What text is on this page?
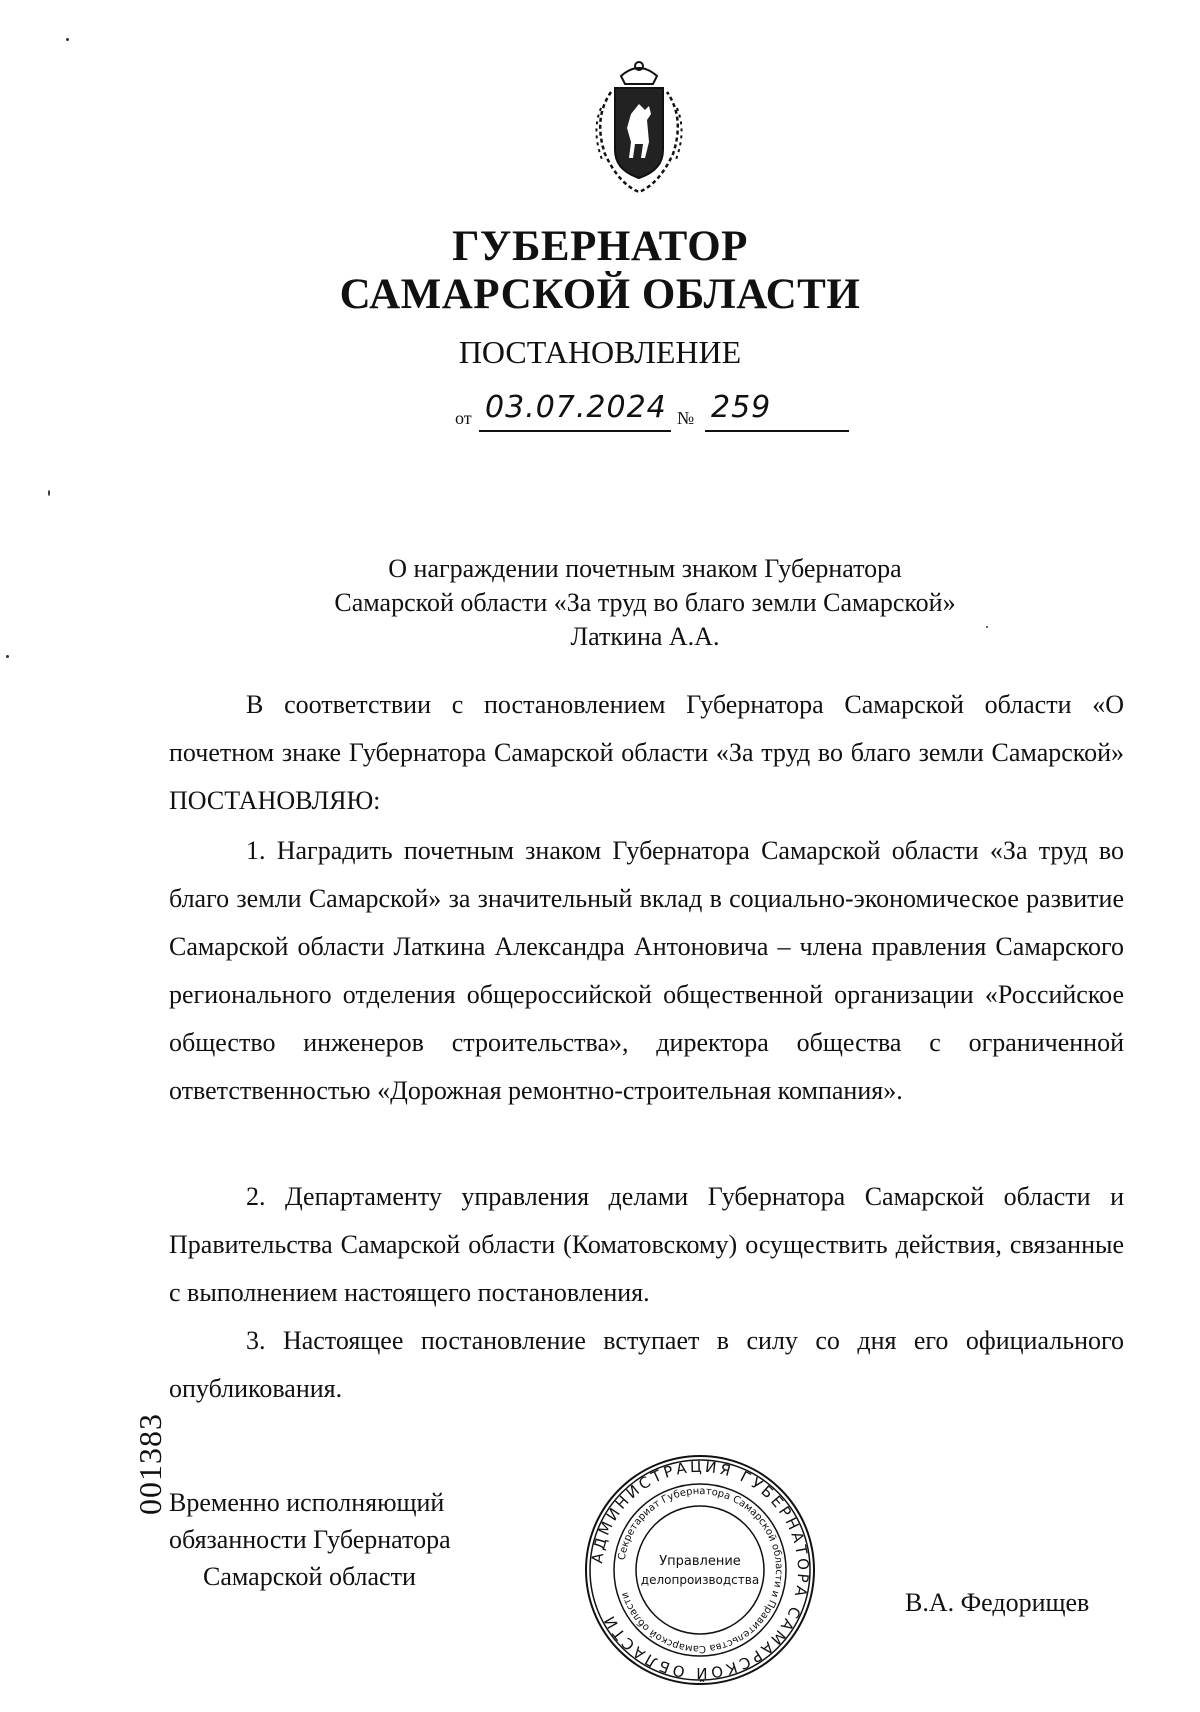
ГУБЕРНАТОР
САМАРСКОЙ ОБЛАСТИ
ПОСТАНОВЛЕНИЕ
от 03.07.2024 № 259
О награждении почетным знаком Губернатора
Самарской области «За труд во благо земли Самарской»
Латкина А.А.
В соответствии с постановлением Губернатора Самарской области «О почетном знаке Губернатора Самарской области «За труд во благо земли Самарской» ПОСТАНОВЛЯЮ:
1. Наградить почетным знаком Губернатора Самарской области «За труд во благо земли Самарской» за значительный вклад в социально-экономическое развитие Самарской области Латкина Александра Антоновича – члена правления Самарского регионального отделения общероссийской общественной организации «Российское общество инженеров строительства», директора общества с ограниченной ответственностью «Дорожная ремонтно-строительная компания».
2. Департаменту управления делами Губернатора Самарской области и Правительства Самарской области (Коматовскому) осуществить действия, связанные с выполнением настоящего постановления.
3. Настоящее постановление вступает в силу со дня его официального опубликования.
001383 Временно исполняющий
обязанности Губернатора
Самарской области
В.А. Федорищев
АДМИНИСТРАЦИЯ ГУБЕРНАТОРА САМАРСКОЙ ОБЛАСТИ
Секретариат Губернатора Самарской области и Правительства Самарской области
Управление
делопроизводства
